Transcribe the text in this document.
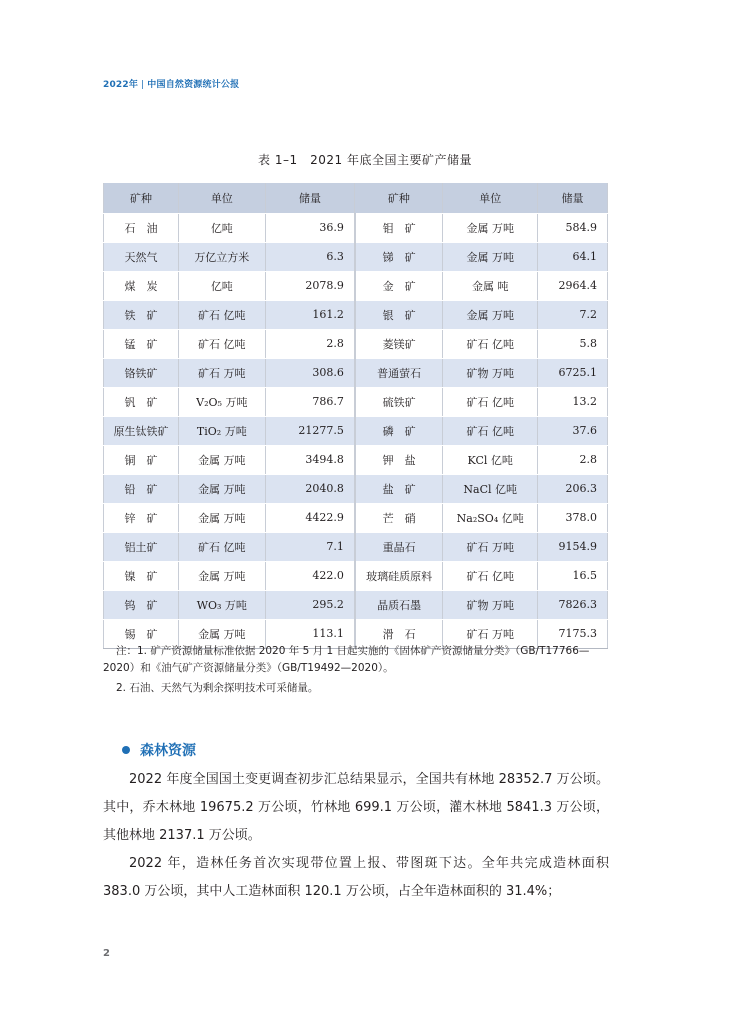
2022年 | 中国自然资源统计公报
表 1–1　2021 年底全国主要矿产储量
矿种	单位	储量	矿种	单位	储量
石　油	亿吨	36.9	钼　矿	金属 万吨	584.9
天然气	万亿立方米	6.3	锑　矿	金属 万吨	64.1
煤　炭	亿吨	2078.9	金　矿	金属 吨	2964.4
铁　矿	矿石 亿吨	161.2	银　矿	金属 万吨	7.2
锰　矿	矿石 亿吨	2.8	菱镁矿	矿石 亿吨	5.8
铬铁矿	矿石 万吨	308.6	普通萤石	矿物 万吨	6725.1
钒　矿	V₂O₅ 万吨	786.7	硫铁矿	矿石 亿吨	13.2
原生钛铁矿	TiO₂ 万吨	21277.5	磷　矿	矿石 亿吨	37.6
铜　矿	金属 万吨	3494.8	钾　盐	KCl 亿吨	2.8
铅　矿	金属 万吨	2040.8	盐　矿	NaCl 亿吨	206.3
锌　矿	金属 万吨	4422.9	芒　硝	Na₂SO₄ 亿吨	378.0
铝土矿	矿石 亿吨	7.1	重晶石	矿石 万吨	9154.9
镍　矿	金属 万吨	422.0	玻璃硅质原料	矿石 亿吨	16.5
钨　矿	WO₃ 万吨	295.2	晶质石墨	矿物 万吨	7826.3
锡　矿	金属 万吨	113.1	滑　石	矿石 万吨	7175.3

注：1. 矿产资源储量标准依据 2020 年 5 月 1 日起实施的《固体矿产资源储量分类》（GB/T17766—2020）和《油气矿产资源储量分类》（GB/T19492—2020）。

2. 石油、天然气为剩余探明技术可采储量。

森林资源

2022 年度全国国土变更调查初步汇总结果显示，全国共有林地 28352.7 万公顷。其中，乔木林地 19675.2 万公顷，竹林地 699.1 万公顷，灌木林地 5841.3 万公顷，其他林地 2137.1 万公顷。

2022 年，造林任务首次实现带位置上报、带图斑下达。全年共完成造林面积 383.0 万公顷，其中人工造林面积 120.1 万公顷，占全年造林面积的 31.4%；

2
